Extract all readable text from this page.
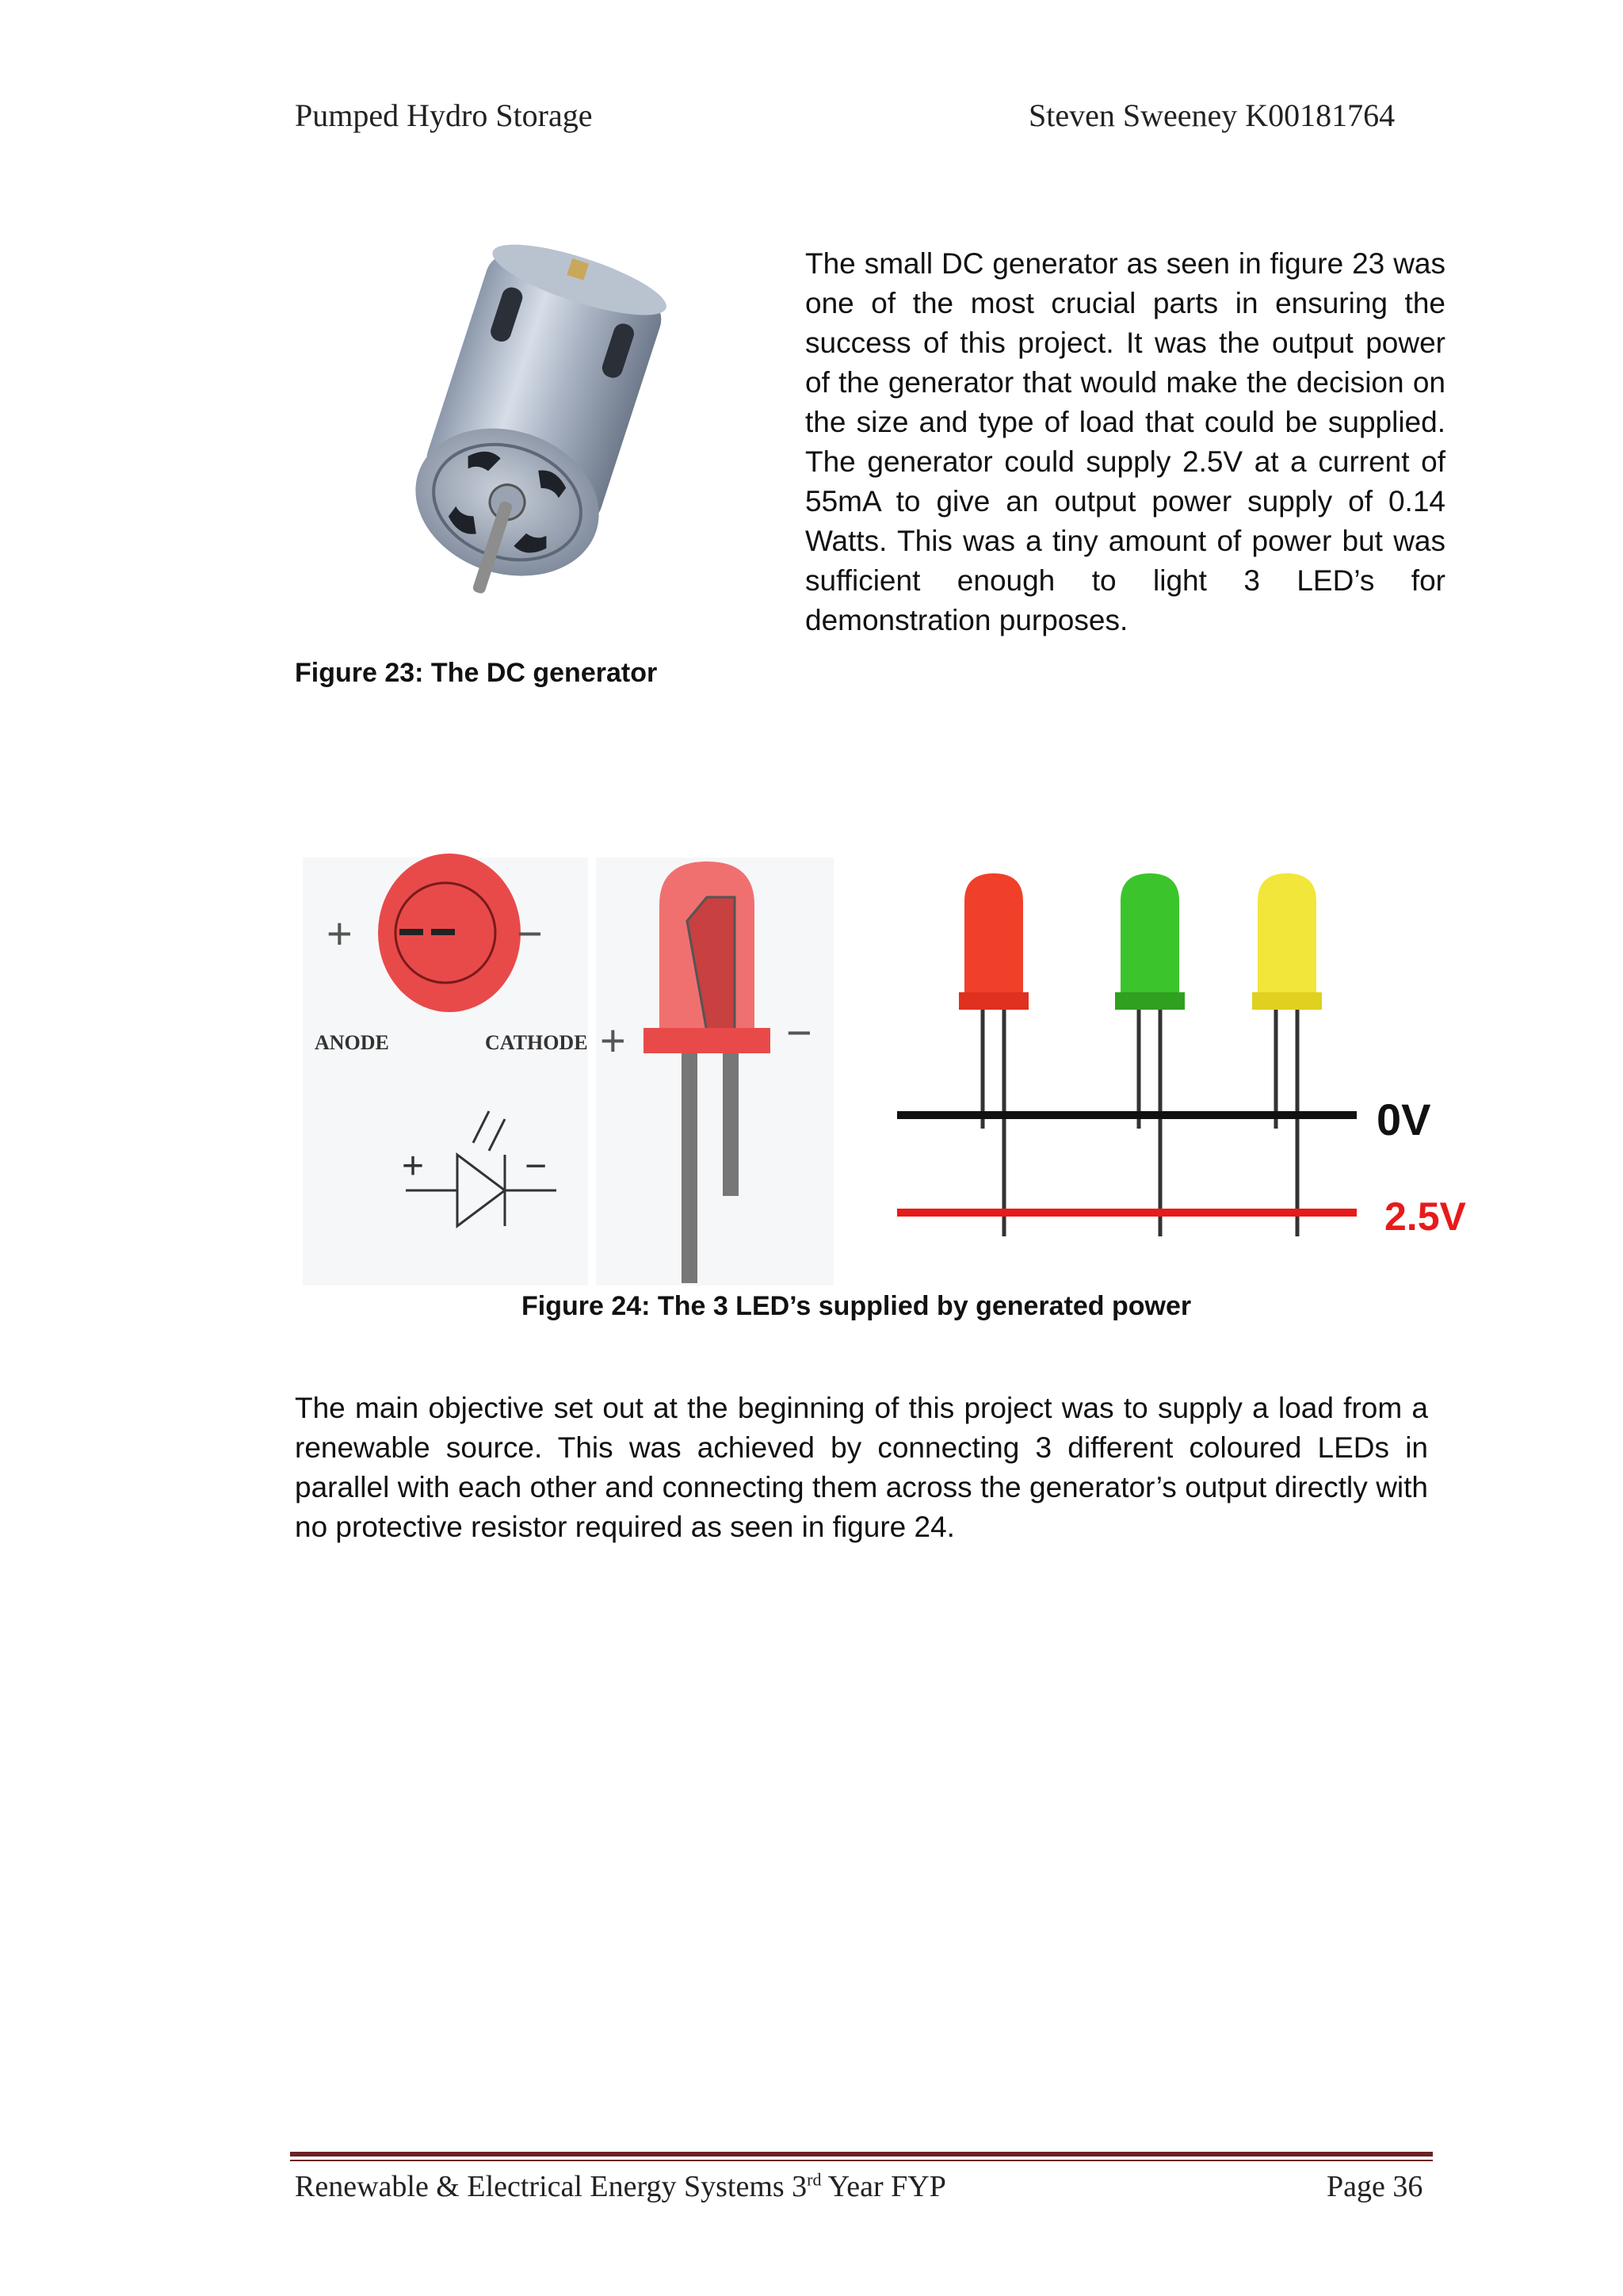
Pumped Hydro Storage	Steven Sweeney K00181764

The small DC generator as seen in figure 23 was one of the most crucial parts in ensuring the success of this project. It was the output power of the generator that would make the decision on the size and type of load that could be supplied. The generator could supply 2.5V at a current of 55mA to give an output power supply of 0.14 Watts. This was a tiny amount of power but was sufficient enough to light 3 LED’s for demonstration purposes.

Figure 23: The DC generator
+	−
ANODE	CATHODE
+	−
+	−
0V
2.5V
Figure 24: The 3 LED’s supplied by generated power

The main objective set out at the beginning of this project was to supply a load from a renewable source. This was achieved by connecting 3 different coloured LEDs in parallel with each other and connecting them across the generator’s output directly with no protective resistor required as seen in figure 24.

Renewable & Electrical Energy Systems 3rd Year FYP	Page 36
